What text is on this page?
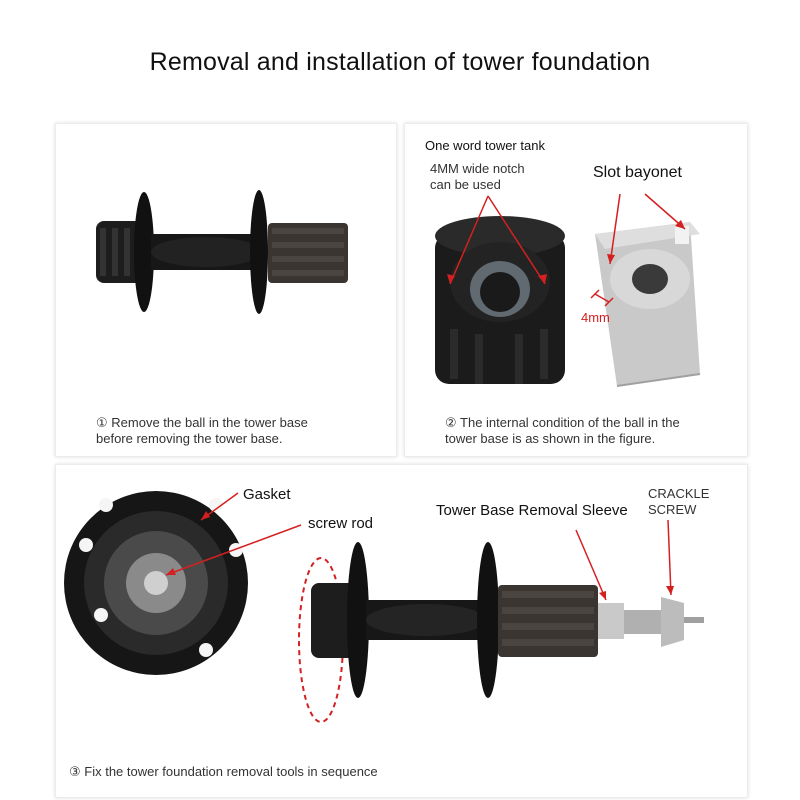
Removal and installation of tower foundation
① Remove the ball in the tower base
before removing the tower base.
One word tower tank
4MM wide notch
can be used
Slot bayonet
4mm
② The internal condition of the ball in the
tower base is as shown in the figure.
Gasket
screw rod
Tower Base Removal Sleeve
CRACKLE
SCREW
③ Fix the tower foundation removal tools in sequence
